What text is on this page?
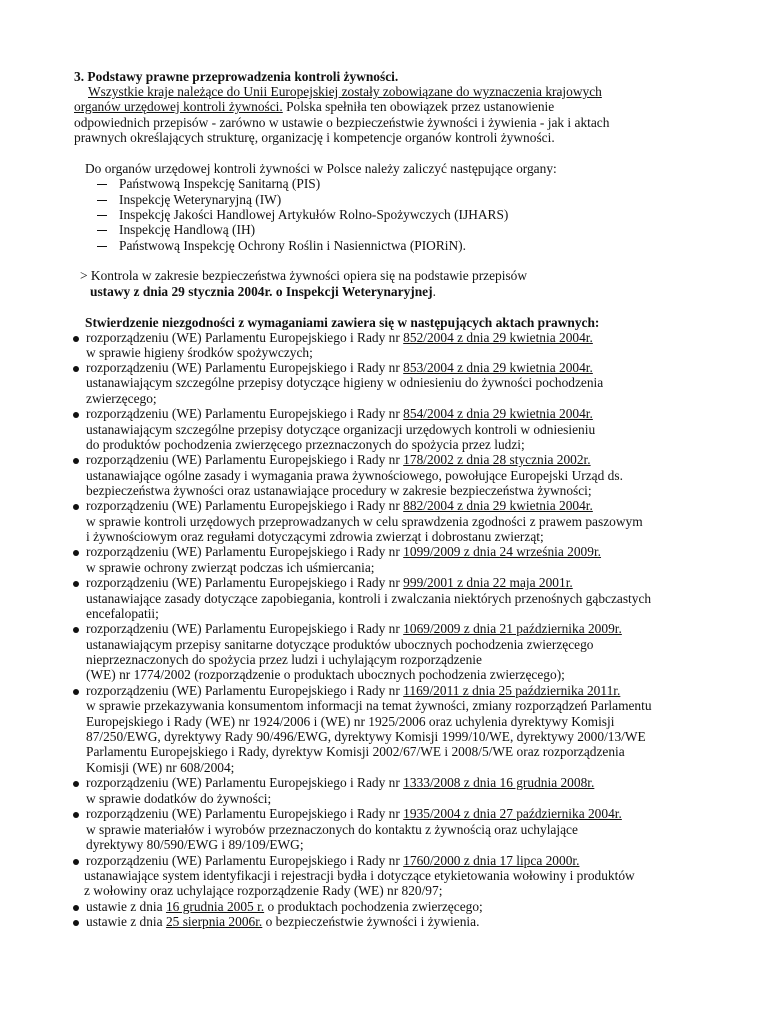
3. Podstawy prawne przeprowadzenia kontroli żywności.
Wszystkie kraje należące do Unii Europejskiej zostały zobowiązane do wyznaczenia krajowych
organów urzędowej kontroli żywności. Polska spełniła ten obowiązek przez ustanowienie
odpowiednich przepisów - zarówno w ustawie o bezpieczeństwie żywności i żywienia - jak i aktach
prawnych określających strukturę, organizację i kompetencje organów kontroli żywności.
Do organów urzędowej kontroli żywności w Polsce należy zaliczyć następujące organy:
Państwową Inspekcję Sanitarną (PIS)
Inspekcję Weterynaryjną (IW)
Inspekcję Jakości Handlowej Artykułów Rolno-Spożywczych (IJHARS)
Inspekcję Handlową (IH)
Państwową Inspekcję Ochrony Roślin i Nasiennictwa (PIORiN).
> Kontrola w zakresie bezpieczeństwa żywności opiera się na podstawie przepisów
ustawy z dnia 29 stycznia 2004r. o Inspekcji Weterynaryjnej.
Stwierdzenie niezgodności z wymaganiami zawiera się w następujących aktach prawnych:
rozporządzeniu (WE) Parlamentu Europejskiego i Rady nr 852/2004 z dnia 29 kwietnia 2004r.
w sprawie higieny środków spożywczych;
rozporządzeniu (WE) Parlamentu Europejskiego i Rady nr 853/2004 z dnia 29 kwietnia 2004r.
ustanawiającym szczególne przepisy dotyczące higieny w odniesieniu do żywności pochodzenia
zwierzęcego;
rozporządzeniu (WE) Parlamentu Europejskiego i Rady nr 854/2004 z dnia 29 kwietnia 2004r.
ustanawiającym szczególne przepisy dotyczące organizacji urzędowych kontroli w odniesieniu
do produktów pochodzenia zwierzęcego przeznaczonych do spożycia przez ludzi;
rozporządzeniu (WE) Parlamentu Europejskiego i Rady nr 178/2002 z dnia 28 stycznia 2002r.
ustanawiające ogólne zasady i wymagania prawa żywnościowego, powołujące Europejski Urząd ds.
bezpieczeństwa żywności oraz ustanawiające procedury w zakresie bezpieczeństwa żywności;
rozporządzeniu (WE) Parlamentu Europejskiego i Rady nr 882/2004 z dnia 29 kwietnia 2004r.
w sprawie kontroli urzędowych przeprowadzanych w celu sprawdzenia zgodności z prawem paszowym
i żywnościowym oraz regułami dotyczącymi zdrowia zwierząt i dobrostanu zwierząt;
rozporządzeniu (WE) Parlamentu Europejskiego i Rady nr 1099/2009 z dnia 24 września 2009r.
w sprawie ochrony zwierząt podczas ich uśmiercania;
rozporządzeniu (WE) Parlamentu Europejskiego i Rady nr 999/2001 z dnia 22 maja 2001r.
ustanawiające zasady dotyczące zapobiegania, kontroli i zwalczania niektórych przenośnych gąbczastych
encefalopatii;
rozporządzeniu (WE) Parlamentu Europejskiego i Rady nr 1069/2009 z dnia 21 października 2009r.
ustanawiającym przepisy sanitarne dotyczące produktów ubocznych pochodzenia zwierzęcego
nieprzeznaczonych do spożycia przez ludzi i uchylającym rozporządzenie
(WE) nr 1774/2002 (rozporządzenie o produktach ubocznych pochodzenia zwierzęcego);
rozporządzeniu (WE) Parlamentu Europejskiego i Rady nr 1169/2011 z dnia 25 października 2011r.
w sprawie przekazywania konsumentom informacji na temat żywności, zmiany rozporządzeń Parlamentu
Europejskiego i Rady (WE) nr 1924/2006 i (WE) nr 1925/2006 oraz uchylenia dyrektywy Komisji
87/250/EWG, dyrektywy Rady 90/496/EWG, dyrektywy Komisji 1999/10/WE, dyrektywy 2000/13/WE
Parlamentu Europejskiego i Rady, dyrektyw Komisji 2002/67/WE i 2008/5/WE oraz rozporządzenia
Komisji (WE) nr 608/2004;
rozporządzeniu (WE) Parlamentu Europejskiego i Rady nr 1333/2008 z dnia 16 grudnia 2008r.
w sprawie dodatków do żywności;
rozporządzeniu (WE) Parlamentu Europejskiego i Rady nr 1935/2004 z dnia 27 października 2004r.
w sprawie materiałów i wyrobów przeznaczonych do kontaktu z żywnością oraz uchylające
dyrektywy 80/590/EWG i 89/109/EWG;
rozporządzeniu (WE) Parlamentu Europejskiego i Rady nr 1760/2000 z dnia 17 lipca 2000r.
ustanawiające system identyfikacji i rejestracji bydła i dotyczące etykietowania wołowiny i produktów
z wołowiny oraz uchylające rozporządzenie Rady (WE) nr 820/97;
ustawie z dnia 16 grudnia 2005 r. o produktach pochodzenia zwierzęcego;
ustawie z dnia 25 sierpnia 2006r. o bezpieczeństwie żywności i żywienia.
